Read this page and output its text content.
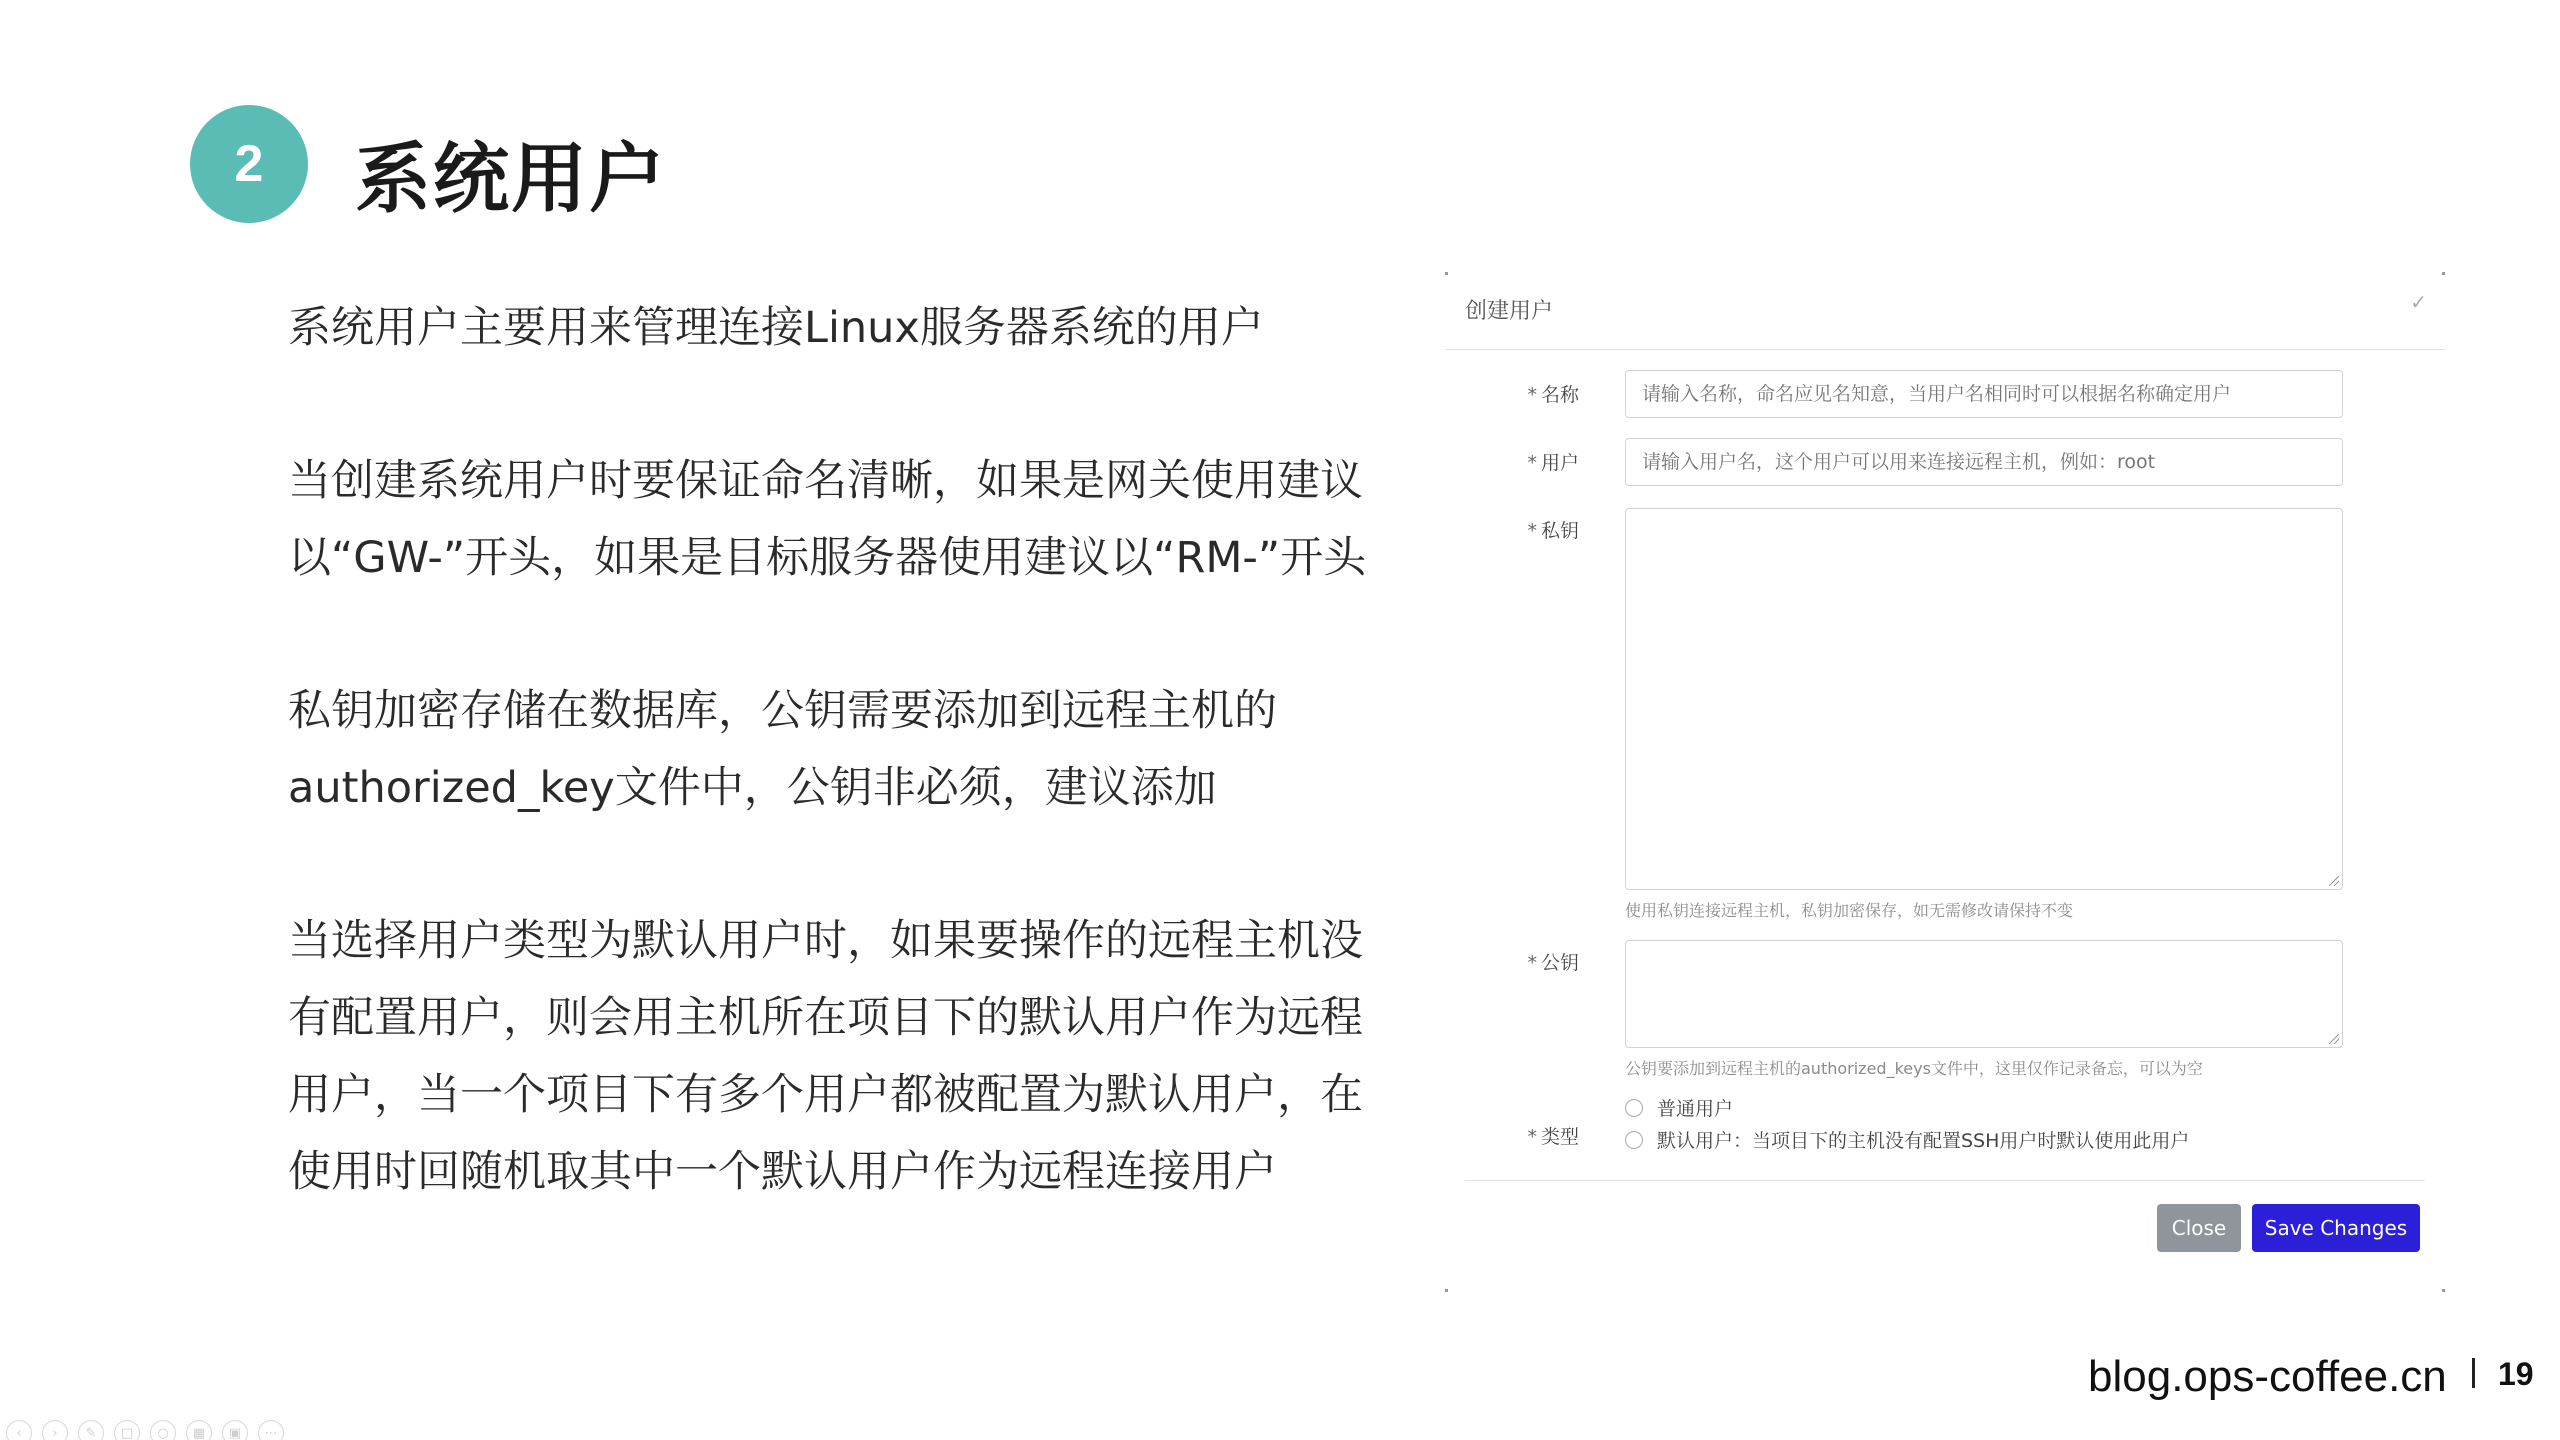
2	系统用户

系统用户主要用来管理连接Linux服务器系统的用户

当创建系统用户时要保证命名清晰，如果是网关使用建议以“GW-”开头，如果是目标服务器使用建议以“RM-”开头

私钥加密存储在数据库，公钥需要添加到远程主机的authorized_key文件中，公钥非必须，建议添加

当选择用户类型为默认用户时，如果要操作的远程主机没有配置用户，则会用主机所在项目下的默认用户作为远程用户，当一个项目下有多个用户都被配置为默认用户，在使用时回随机取其中一个默认用户作为远程连接用户

创建用户	✓
* 名称
请输入名称，命名应见名知意，当用户名相同时可以根据名称确定用户
* 用户
请输入用户名，这个用户可以用来连接远程主机，例如：root
* 私钥
使用私钥连接远程主机，私钥加密保存，如无需修改请保持不变
* 公钥
公钥要添加到远程主机的authorized_keys文件中，这里仅作记录备忘，可以为空
* 类型
普通用户
默认用户：当项目下的主机没有配置SSH用户时默认使用此用户
Close	Save Changes
blog.ops-coffee.cn 19
‹	›	✎	□	○	▦	▣	⋯
